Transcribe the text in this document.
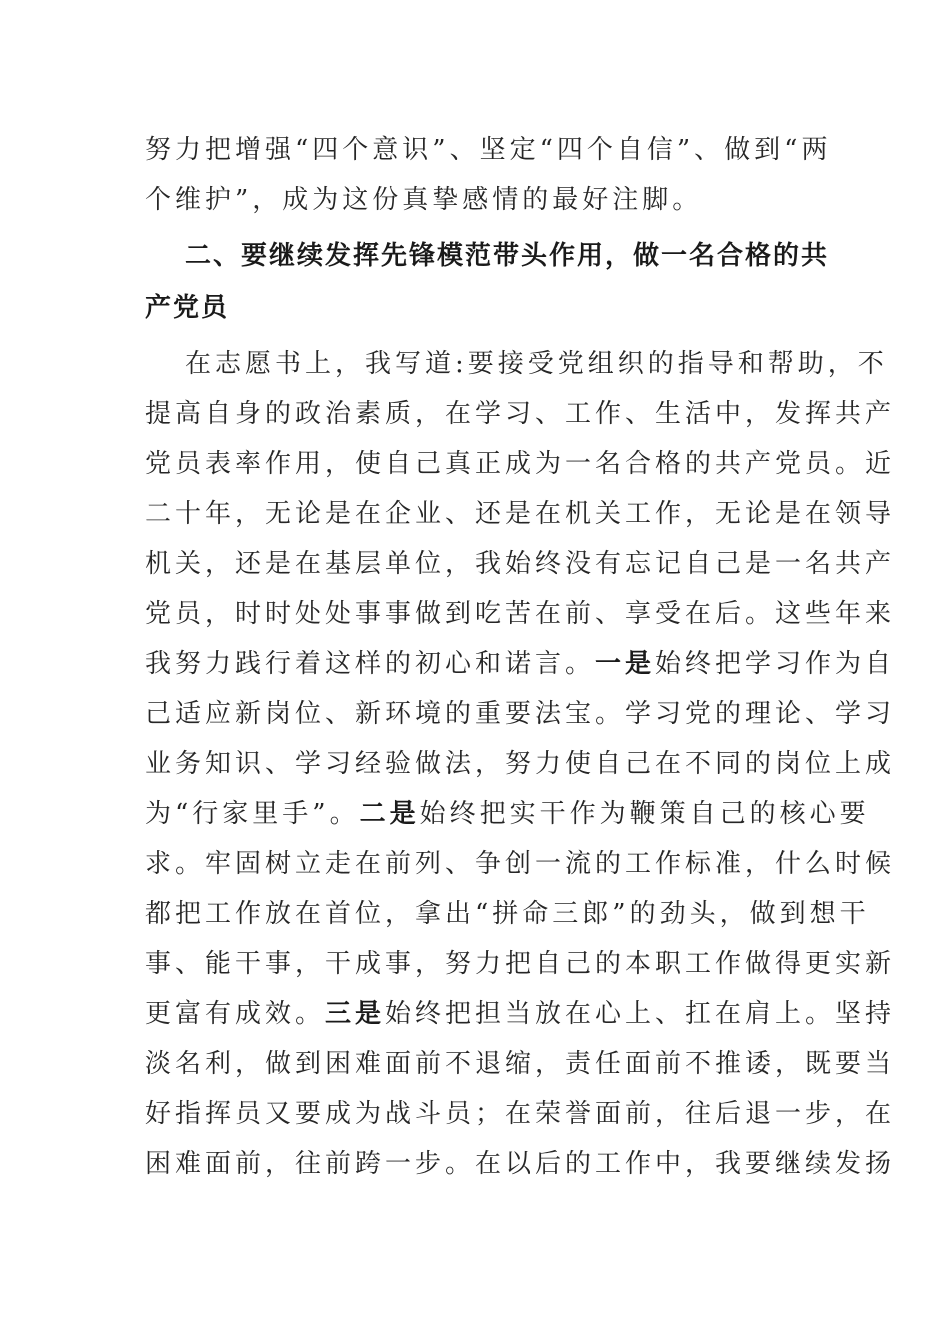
努力把增强“四个意识”、坚定“四个自信”、做到“两
个维护”，成为这份真挚感情的最好注脚。
二、要继续发挥先锋模范带头作用，做一名合格的共
产党员
在志愿书上，我写道:要接受党组织的指导和帮助，不
提高自身的政治素质，在学习、工作、生活中，发挥共产
党员表率作用，使自己真正成为一名合格的共产党员。近
二十年，无论是在企业、还是在机关工作，无论是在领导
机关，还是在基层单位，我始终没有忘记自己是一名共产
党员，时时处处事事做到吃苦在前、享受在后。这些年来
我努力践行着这样的初心和诺言。一是始终把学习作为自
己适应新岗位、新环境的重要法宝。学习党的理论、学习
业务知识、学习经验做法，努力使自己在不同的岗位上成
为“行家里手”。二是始终把实干作为鞭策自己的核心要
求。牢固树立走在前列、争创一流的工作标准，什么时候
都把工作放在首位，拿出“拼命三郎”的劲头，做到想干
事、能干事，干成事，努力把自己的本职工作做得更实新
更富有成效。三是始终把担当放在心上、扛在肩上。坚持
淡名利，做到困难面前不退缩，责任面前不推诿，既要当
好指挥员又要成为战斗员；在荣誉面前，往后退一步，在
困难面前，往前跨一步。在以后的工作中，我要继续发扬
